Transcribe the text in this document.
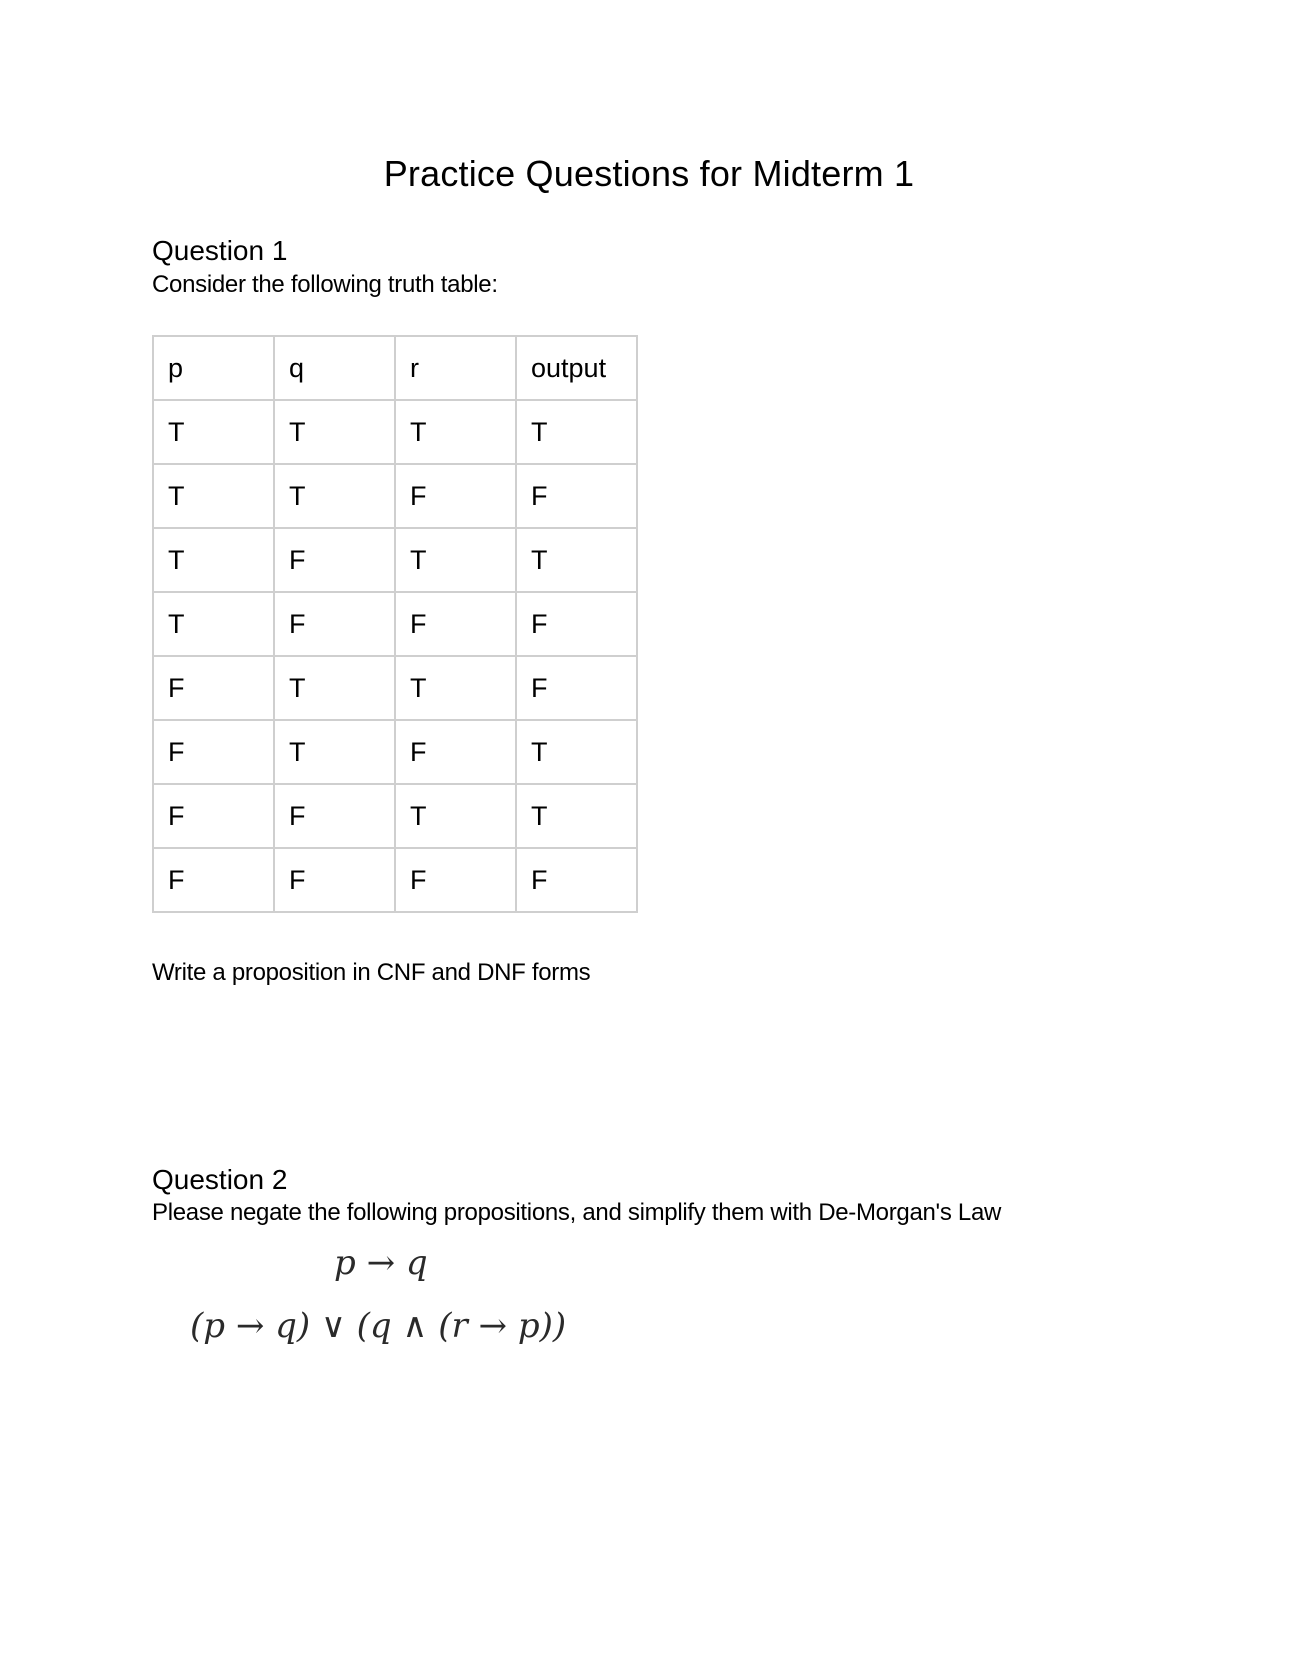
Practice Questions for Midterm 1
Question 1
Consider the following truth table:
p	q	r	output
T	T	T	T
T	T	F	F
T	F	T	T
T	F	F	F
F	T	T	F
F	T	F	T
F	F	T	T
F	F	F	F
Write a proposition in CNF and DNF forms
Question 2
Please negate the following propositions, and simplify them with De-Morgan's Law
p → q
(p → q) ∨ (q ∧ (r → p))
